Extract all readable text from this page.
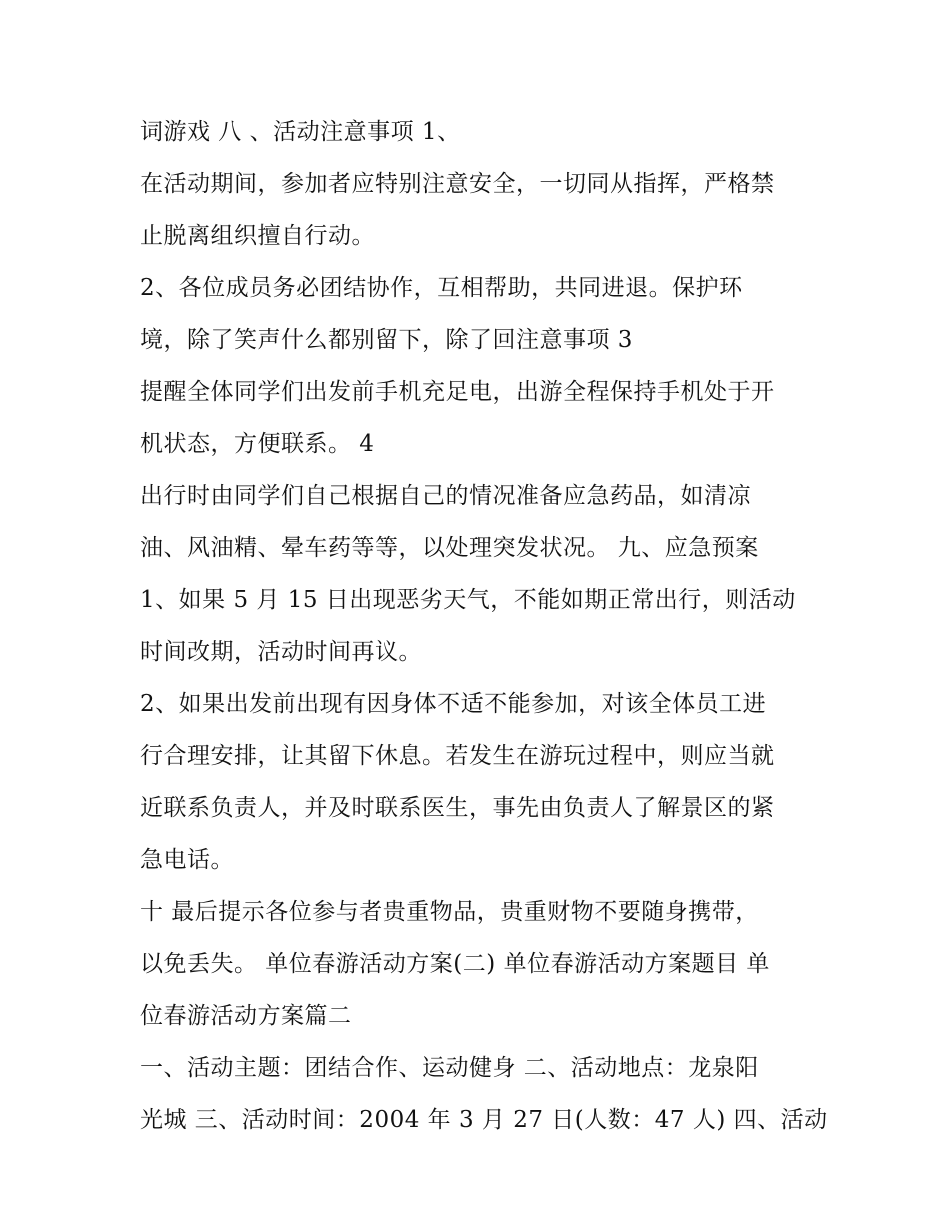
词游戏 八 、活动注意事项 1、
在活动期间，参加者应特别注意安全，一切同从指挥，严格禁
止脱离组织擅自行动。
2、各位成员务必团结协作，互相帮助，共同进退。保护环
境，除了笑声什么都别留下，除了回注意事项 3
提醒全体同学们出发前手机充足电，出游全程保持手机处于开
机状态，方便联系。 4
出行时由同学们自己根据自己的情况准备应急药品，如清凉
油、风油精、晕车药等等，以处理突发状况。 九、应急预案
1、如果 5 月 15 日出现恶劣天气，不能如期正常出行，则活动
时间改期，活动时间再议。
2、如果出发前出现有因身体不适不能参加，对该全体员工进
行合理安排，让其留下休息。若发生在游玩过程中，则应当就
近联系负责人，并及时联系医生，事先由负责人了解景区的紧
急电话。
十 最后提示各位参与者贵重物品，贵重财物不要随身携带，
以免丢失。 单位春游活动方案(二) 单位春游活动方案题目 单
位春游活动方案篇二
一、活动主题：团结合作、运动健身 二、活动地点：龙泉阳
光城 三、活动时间：2004 年 3 月 27 日(人数：47 人) 四、活动
